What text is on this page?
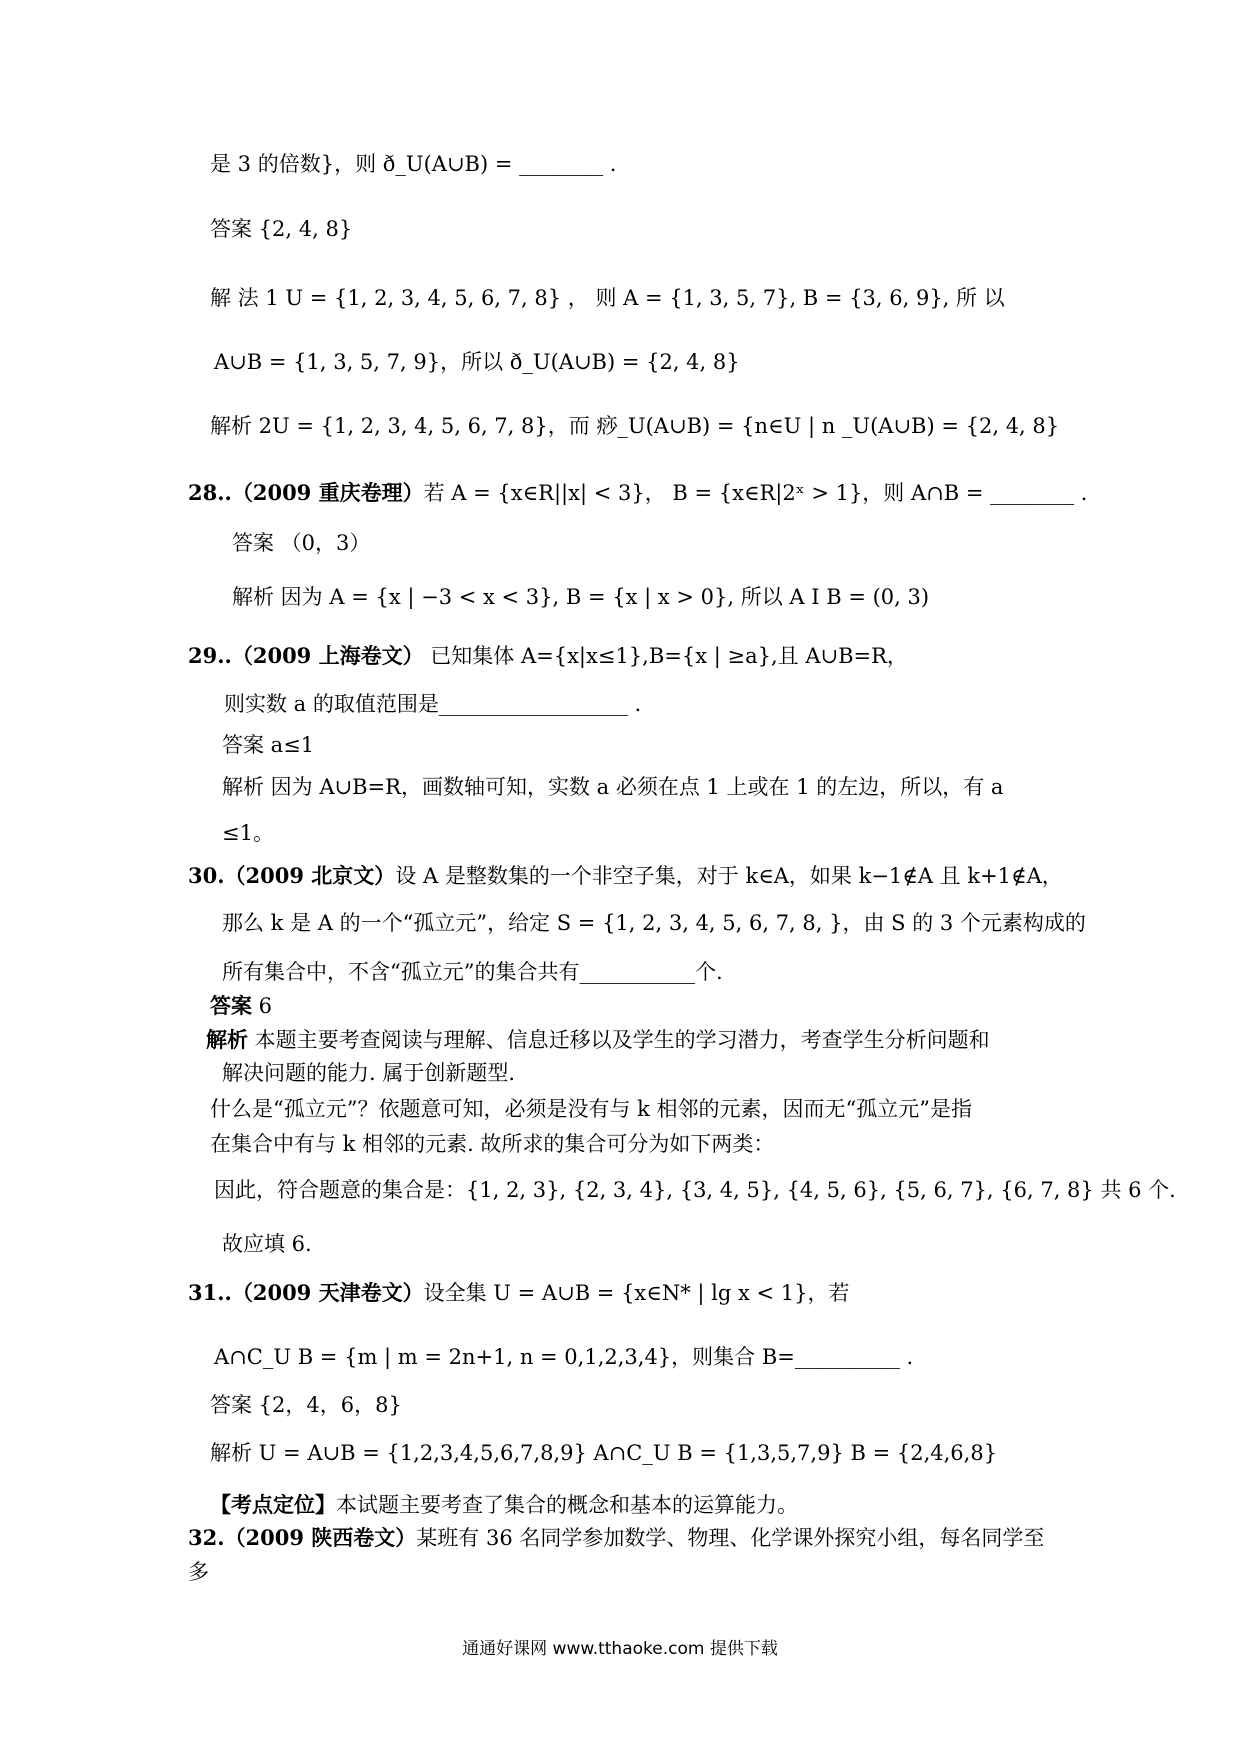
是 3 的倍数}，则 ð_U(A∪B) = ________ .
答案 {2, 4, 8}
解 法 1 U = {1, 2, 3, 4, 5, 6, 7, 8} ， 则 A = {1, 3, 5, 7}, B = {3, 6, 9}, 所 以
A∪B = {1, 3, 5, 7, 9}，所以 ð_U(A∪B) = {2, 4, 8}
解析 2U = {1, 2, 3, 4, 5, 6, 7, 8}，而 痧_U(A∪B) = {n∈U | n _U(A∪B) = {2, 4, 8}
28..（2009 重庆卷理）若 A = {x∈R||x| < 3}， B = {x∈R|2ˣ > 1}，则 A∩B = ________ .
答案 （0，3）
解析 因为 A = {x | −3 < x < 3}, B = {x | x > 0}, 所以 A I B = (0, 3)
29..（2009 上海卷文） 已知集体 A={x|x≤1},B={x | ≥a},且 A∪B=R，
则实数 a 的取值范围是__________________ .
答案 a≤1
解析 因为 A∪B=R，画数轴可知，实数 a 必须在点 1 上或在 1 的左边，所以，有 a
≤1。
30.（2009 北京文）设 A 是整数集的一个非空子集，对于 k∈A，如果 k−1∉A 且 k+1∉A，
那么 k 是 A 的一个“孤立元”，给定 S = {1, 2, 3, 4, 5, 6, 7, 8, }，由 S 的 3 个元素构成的
所有集合中，不含“孤立元”的集合共有___________个.
答案 6
解析 本题主要考查阅读与理解、信息迁移以及学生的学习潜力，考查学生分析问题和
解决问题的能力. 属于创新题型.
什么是“孤立元”？依题意可知，必须是没有与 k 相邻的元素，因而无“孤立元”是指
在集合中有与 k 相邻的元素. 故所求的集合可分为如下两类：
因此，符合题意的集合是：{1, 2, 3}, {2, 3, 4}, {3, 4, 5}, {4, 5, 6}, {5, 6, 7}, {6, 7, 8} 共 6 个.
故应填 6.
31..（2009 天津卷文）设全集 U = A∪B = {x∈N* | lg x < 1}，若
A∩C_U B = {m | m = 2n+1, n = 0,1,2,3,4}，则集合 B=__________ .
答案 {2，4，6，8}
解析 U = A∪B = {1,2,3,4,5,6,7,8,9} A∩C_U B = {1,3,5,7,9} B = {2,4,6,8}
【考点定位】本试题主要考查了集合的概念和基本的运算能力。
32.（2009 陕西卷文）某班有 36 名同学参加数学、物理、化学课外探究小组，每名同学至
多
通通好课网 www.tthaoke.com 提供下载
